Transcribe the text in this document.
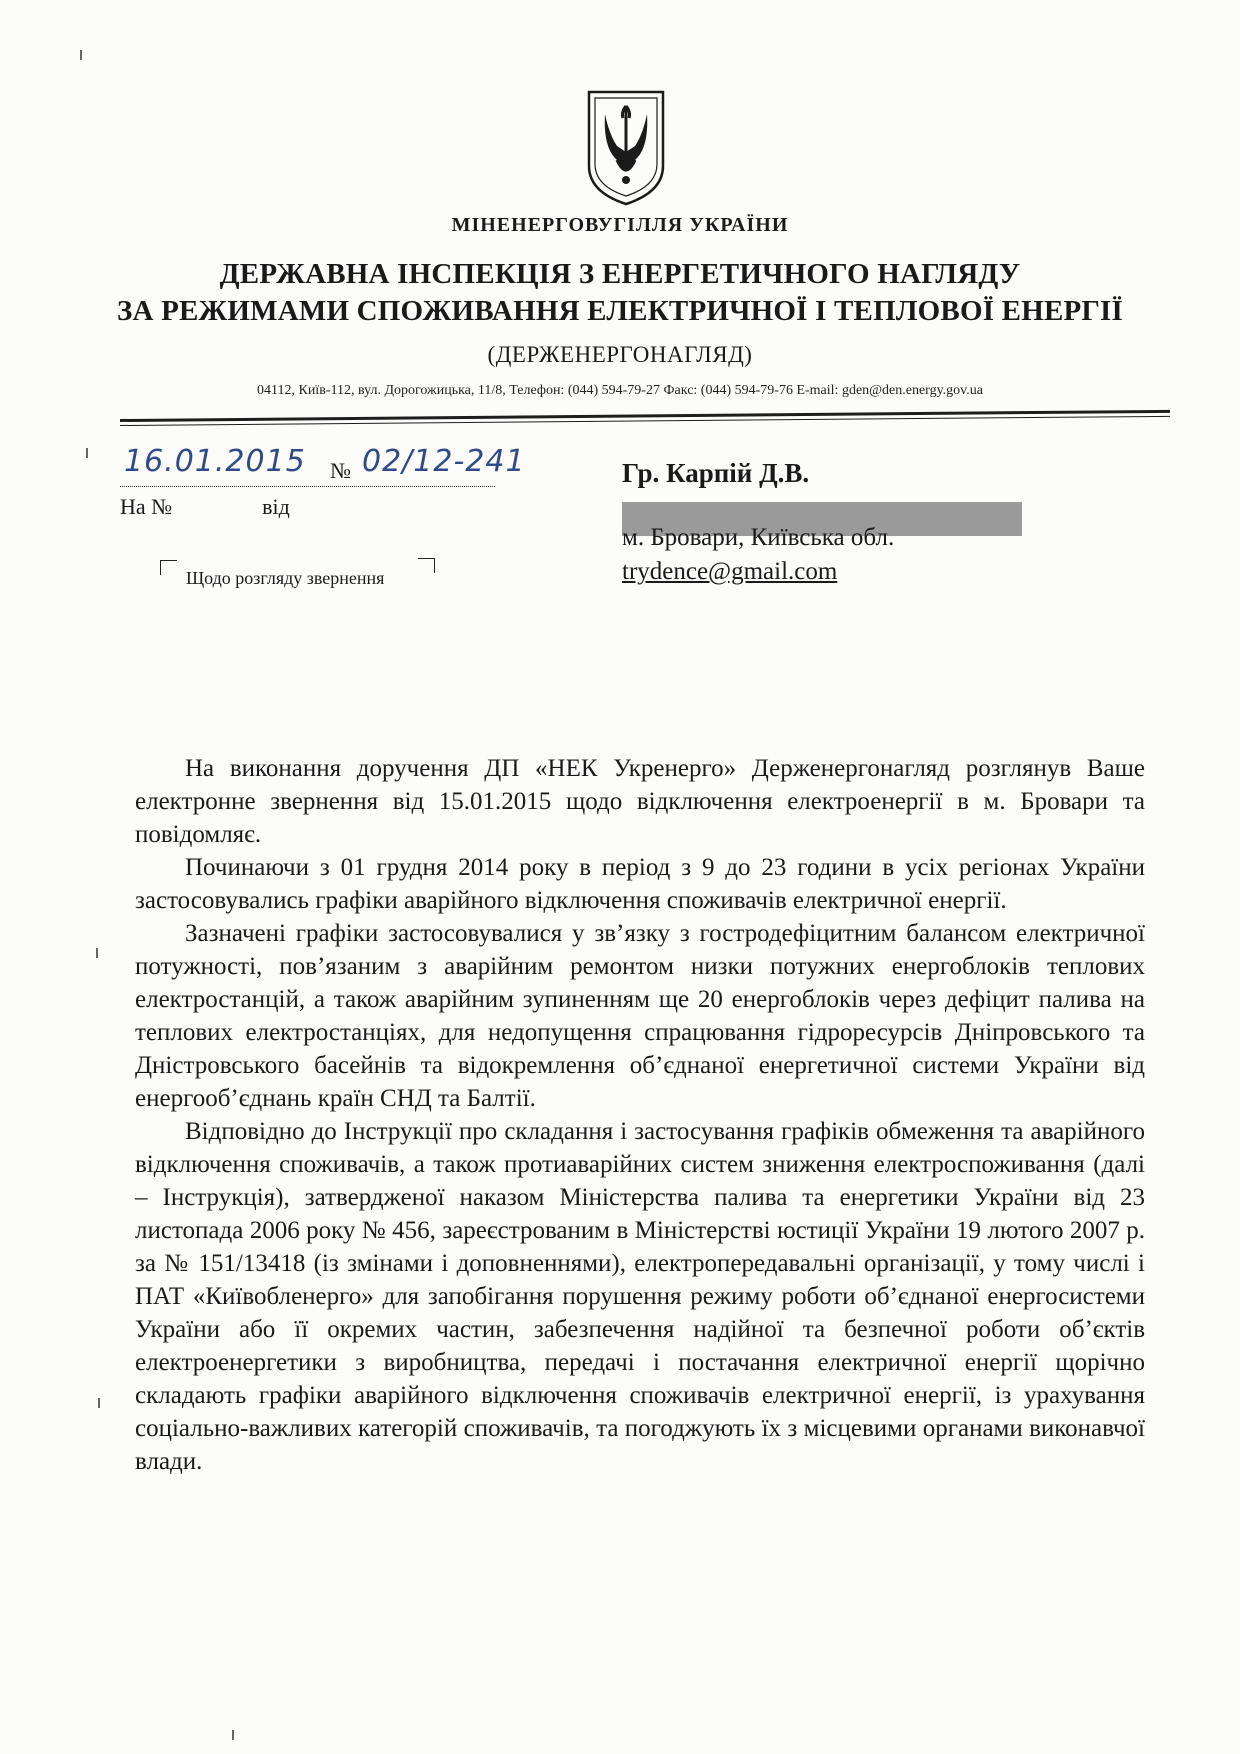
МІНЕНЕРГОВУГІЛЛЯ УКРАЇНИ
ДЕРЖАВНА ІНСПЕКЦІЯ З ЕНЕРГЕТИЧНОГО НАГЛЯДУ
ЗА РЕЖИМАМИ СПОЖИВАННЯ ЕЛЕКТРИЧНОЇ І ТЕПЛОВОЇ ЕНЕРГІЇ
(ДЕРЖЕНЕРГОНАГЛЯД)
04112, Київ-112, вул. Дорогожицька, 11/8, Телефон: (044) 594-79-27 Факс: (044) 594-79-76 E-mail: gden@den.energy.gov.ua
16.01.2015 № 02/12-241
На №	від
Щодо розгляду звернення
Гр. Карпій Д.В.
м. Бровари, Київська обл.
trydence@gmail.com

На виконання доручення ДП «НЕК Укренерго» Держенергонагляд розглянув Ваше електронне звернення від 15.01.2015 щодо відключення електроенергії в м. Бровари та повідомляє.

Починаючи з 01 грудня 2014 року в період з 9 до 23 години в усіх регіонах України застосовувались графіки аварійного відключення споживачів електричної енергії.

Зазначені графіки застосовувалися у зв’язку з гостродефіцитним балансом електричної потужності, пов’язаним з аварійним ремонтом низки потужних енергоблоків теплових електростанцій, а також аварійним зупиненням ще 20 енергоблоків через дефіцит палива на теплових електростанціях, для недопущення спрацювання гідроресурсів Дніпровського та Дністровського басейнів та відокремлення об’єднаної енергетичної системи України від енергооб’єднань країн СНД та Балтії.

Відповідно до Інструкції про складання і застосування графіків обмеження та аварійного відключення споживачів, а також протиаварійних систем зниження електроспоживання (далі – Інструкція), затвердженої наказом Міністерства палива та енергетики України від 23 листопада 2006 року № 456, зареєстрованим в Міністерстві юстиції України 19 лютого 2007 р. за № 151/13418 (із змінами і доповненнями), електропередавальні організації, у тому числі і ПАТ «Київобленерго» для запобігання порушення режиму роботи об’єднаної енергосистеми України або її окремих частин, забезпечення надійної та безпечної роботи об’єктів електроенергетики з виробництва, передачі і постачання електричної енергії щорічно складають графіки аварійного відключення споживачів електричної енергії, із урахування соціально-важливих категорій споживачів, та погоджують їх з місцевими органами виконавчої влади.
